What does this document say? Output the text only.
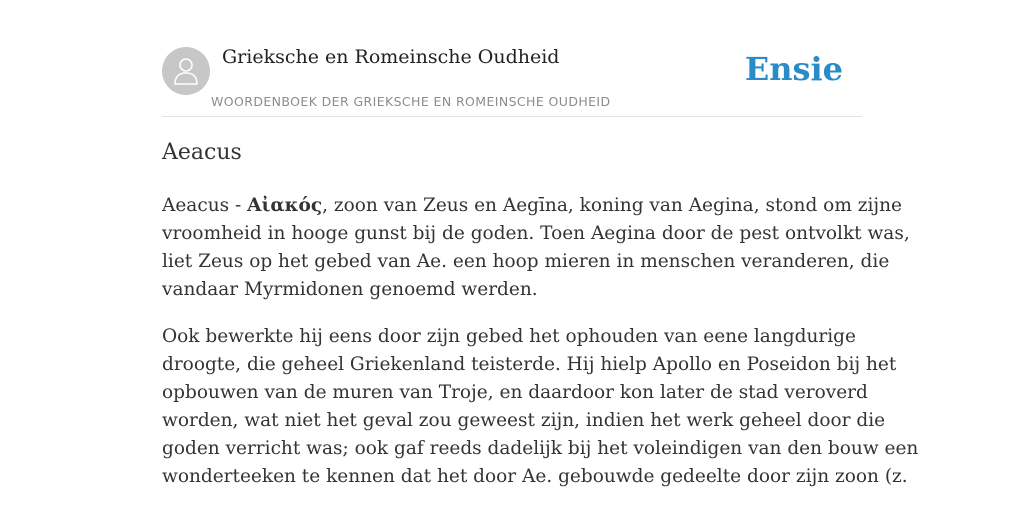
Grieksche en Romeinsche Oudheid
WOORDENBOEK DER GRIEKSCHE EN ROMEINSCHE OUDHEID
Ensie
Aeacus

Aeacus - Αἰακός, zoon van Zeus en Aegīna, koning van Aegina, stond om zijne
vroomheid in hooge gunst bij de goden. Toen Aegina door de pest ontvolkt was,
liet Zeus op het gebed van Ae. een hoop mieren in menschen veranderen, die
vandaar Myrmidonen genoemd werden.

Ook bewerkte hij eens door zijn gebed het ophouden van eene langdurige
droogte, die geheel Griekenland teisterde. Hij hielp Apollo en Poseidon bij het
opbouwen van de muren van Troje, en daardoor kon later de stad veroverd
worden, wat niet het geval zou geweest zijn, indien het werk geheel door die
goden verricht was; ook gaf reeds dadelijk bij het voleindigen van den bouw een
wonderteeken te kennen dat het door Ae. gebouwde gedeelte door zijn zoon (z.
